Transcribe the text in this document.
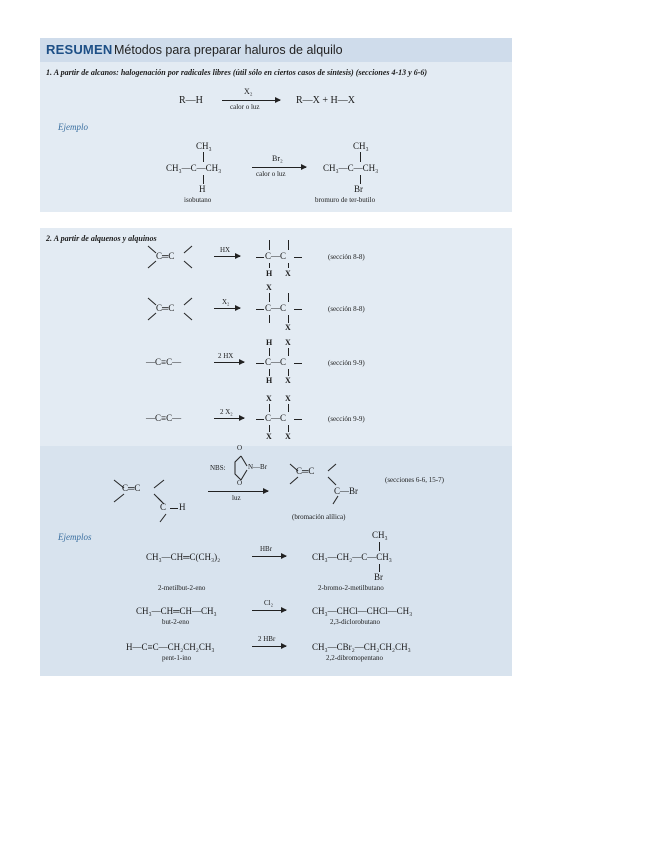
RESUMEN Métodos para preparar haluros de alquilo
1. A partir de alcanos: halogenación por radicales libres (útil sólo en ciertos casos de síntesis) (secciones 4-13 y 6-6)
R—H
X₂
calor o luz
R—X + H—X
Ejemplo
CH₃
CH₃—C—CH₃
H
isobutano
Br₂
calor o luz
CH₃
CH₃—C—CH₃
Br
bromuro de ter-butilo
2. A partir de alquenos y alquinos
C═C
HX
C—C
H X
(sección 8-8)
C═C
X₂
X
C—C
X
(sección 8-8)
—C≡C—
2 HX
H X
C—C
H X
(sección 9-9)
—C≡C—
2 X₂
X X
C—C
X X
(sección 9-9)
C═C
C H
NBS:
O
N—Br
O
luz
C═C
C—Br
(bromación alílica)
(secciones 6-6, 15-7)
Ejemplos
CH₃—CH═C(CH₃)₂
HBr
CH₃
CH₃—CH₂—C—CH₃
Br
2-metilbut-2-eno	2-bromo-2-metilbutano
CH₃—CH═CH—CH₃
Cl₂
CH₃—CHCl—CHCl—CH₃
but-2-eno	2,3-diclorobutano
H—C≡C—CH₂CH₂CH₃
2 HBr
CH₃—CBr₂—CH₂CH₂CH₃
pent-1-ino	2,2-dibromopentano
